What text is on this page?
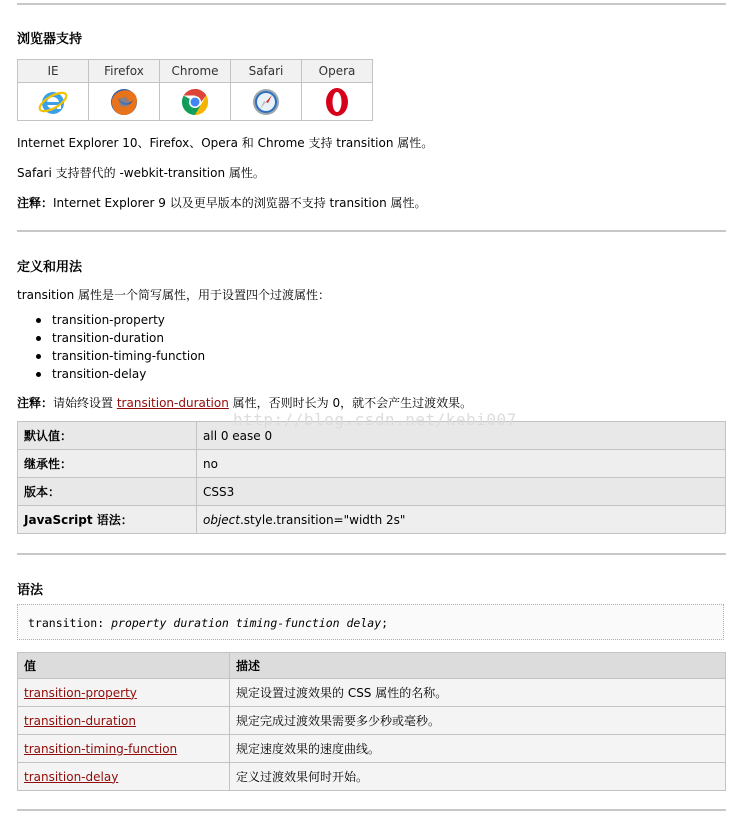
浏览器支持
IE	Firefox	Chrome	Safari	Opera

Internet Explorer 10、Firefox、Opera 和 Chrome 支持 transition 属性。

Safari 支持替代的 -webkit-transition 属性。

注释：Internet Explorer 9 以及更早版本的浏览器不支持 transition 属性。

定义和用法

transition 属性是一个简写属性，用于设置四个过渡属性：

transition-property
transition-duration
transition-timing-function
transition-delay

注释：请始终设置 transition-duration 属性，否则时长为 0，就不会产生过渡效果。

默认值：	all 0 ease 0
继承性：	no
版本：	CSS3
JavaScript 语法：	object.style.transition="width 2s"
http://blog.csdn.net/kebi007
语法
transition: property duration timing-function delay;
值	描述
transition-property	规定设置过渡效果的 CSS 属性的名称。
transition-duration	规定完成过渡效果需要多少秒或毫秒。
transition-timing-function	规定速度效果的速度曲线。
transition-delay	定义过渡效果何时开始。
